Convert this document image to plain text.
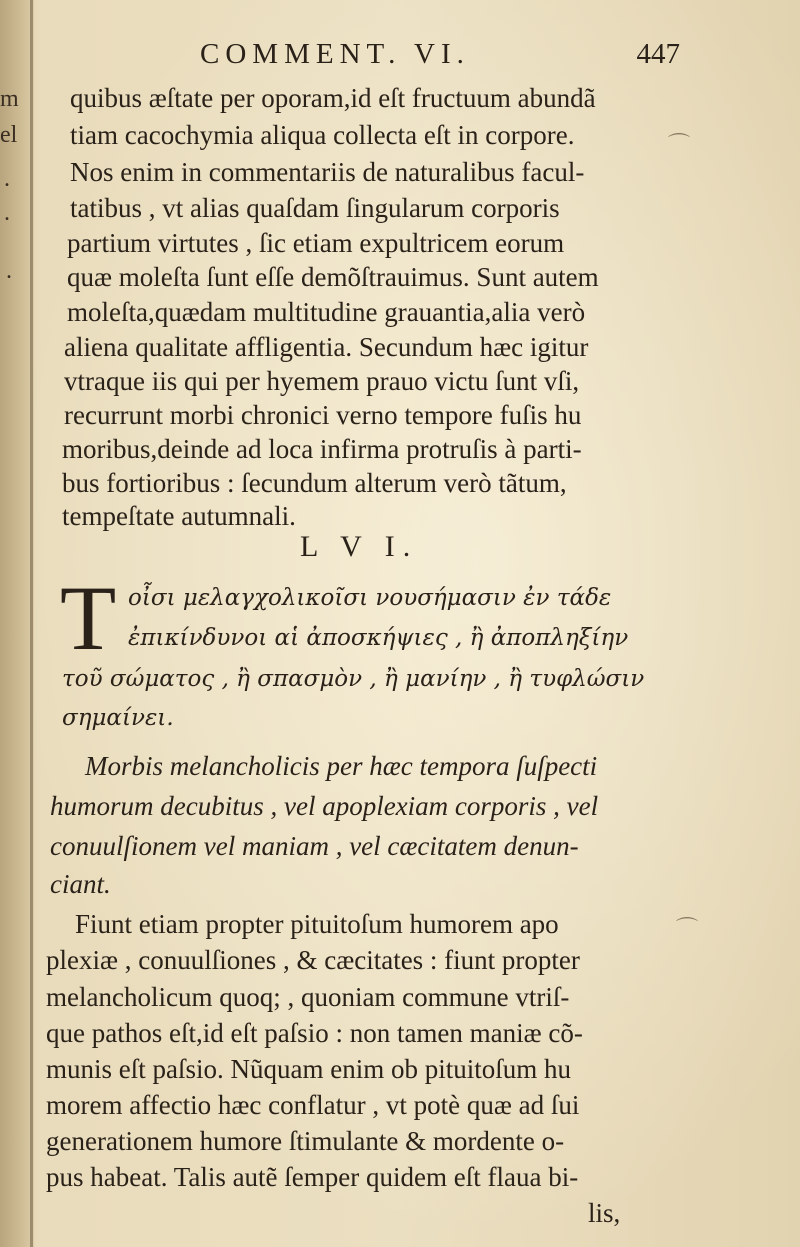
m
el
.
.
.
COMMENT. VI.	447
quibus æſtate per oporam,id eſt fructuum abundã
tiam cacochymia aliqua collecta eſt in corpore.
Nos enim in commentariis de naturalibus facul-
tatibus , vt alias quaſdam ſingularum corporis
partium virtutes , ſic etiam expultricem eorum
quæ moleſta ſunt eſſe demõſtrauimus. Sunt autem
moleſta,quædam multitudine grauantia,alia verò
aliena qualitate affligentia. Secundum hæc igitur
vtraque iis qui per hyemem prauo victu ſunt vſi,
recurrunt morbi chronici verno tempore fuſis hu
moribus,deinde ad loca infirma protruſis à parti-
bus fortioribus : ſecundum alterum verò tãtum,
tempeſtate autumnali.
L V I.
T οἶσι μελαγχολικοῖσι νουσήμασιν ἐν τάδε
ἐπικίνδυνοι αἱ ἀποσκήψιες , ἢ ἀποπληξίην
τοῦ σώματος , ἢ σπασμὸν , ἢ μανίην , ἢ τυφλώσιν
σημαίνει.
Morbis melancholicis per hæc tempora ſuſpecti
humorum decubitus , vel apoplexiam corporis , vel
conuulſionem vel maniam , vel cæcitatem denun-
ciant.
Fiunt etiam propter pituitoſum humorem apo
plexiæ , conuulſiones , & cæcitates : fiunt propter
melancholicum quoq; , quoniam commune vtriſ-
que pathos eſt,id eſt paſsio : non tamen maniæ cõ-
munis eſt paſsio. Nũquam enim ob pituitoſum hu
morem affectio hæc conflatur , vt potè quæ ad ſui
generationem humore ſtimulante & mordente o-
pus habeat. Talis autẽ ſemper quidem eſt flaua bi-
lis,
⌒
⌒
